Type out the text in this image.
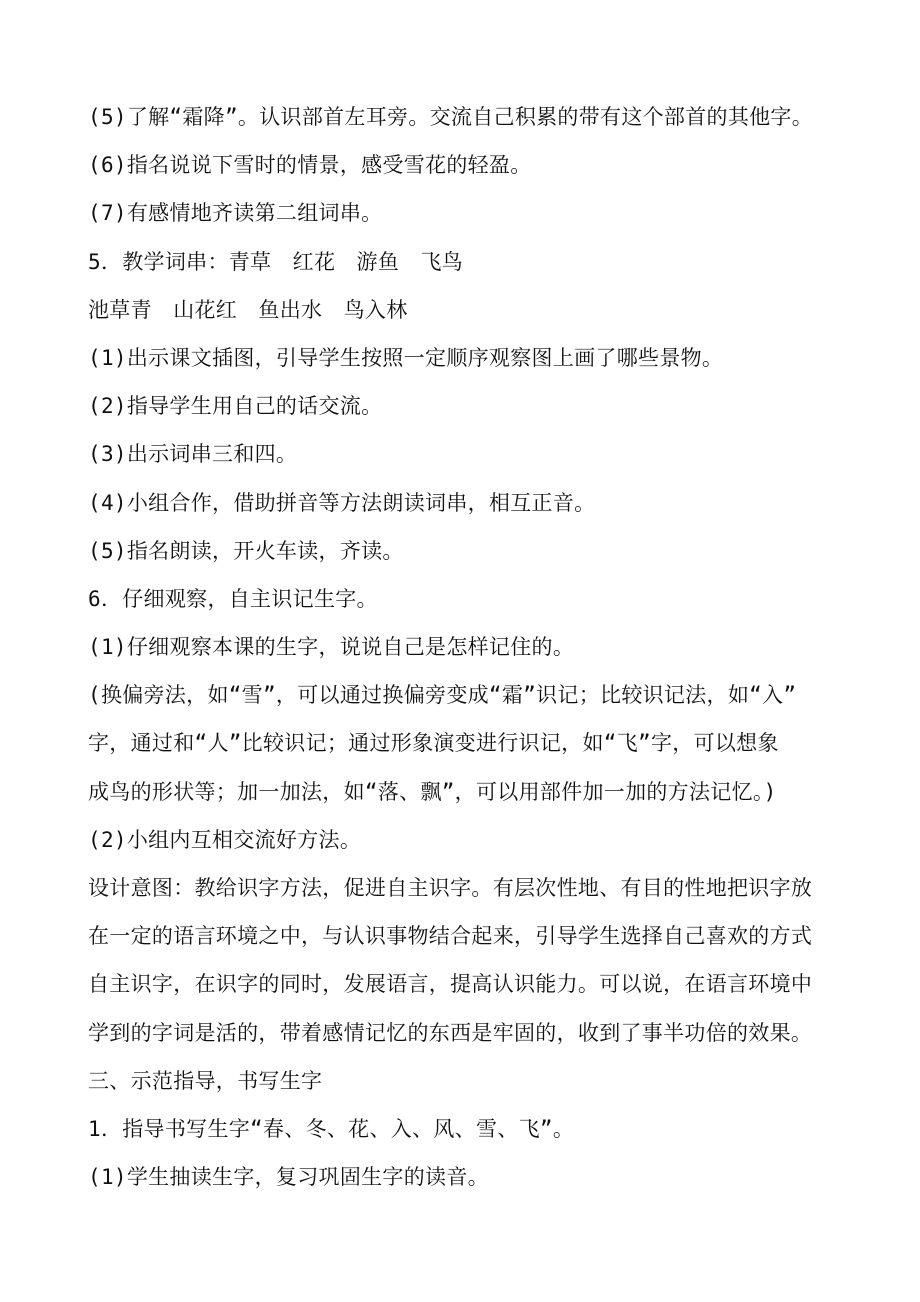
(5)了解“霜降”。认识部首左耳旁。交流自己积累的带有这个部首的其他字。
(6)指名说说下雪时的情景，感受雪花的轻盈。
(7)有感情地齐读第二组词串。
5．教学词串：青草　红花　游鱼　飞鸟
池草青　山花红　鱼出水　鸟入林
(1)出示课文插图，引导学生按照一定顺序观察图上画了哪些景物。
(2)指导学生用自己的话交流。
(3)出示词串三和四。
(4)小组合作，借助拼音等方法朗读词串，相互正音。
(5)指名朗读，开火车读，齐读。
6．仔细观察，自主识记生字。
(1)仔细观察本课的生字，说说自己是怎样记住的。
(换偏旁法，如“雪”，可以通过换偏旁变成“霜”识记；比较识记法，如“入”
字，通过和“人”比较识记；通过形象演变进行识记，如“飞”字，可以想象
成鸟的形状等；加一加法，如“落、飘”，可以用部件加一加的方法记忆。)
(2)小组内互相交流好方法。
设计意图：教给识字方法，促进自主识字。有层次性地、有目的性地把识字放
在一定的语言环境之中，与认识事物结合起来，引导学生选择自己喜欢的方式
自主识字，在识字的同时，发展语言，提高认识能力。可以说，在语言环境中
学到的字词是活的，带着感情记忆的东西是牢固的，收到了事半功倍的效果。
三、示范指导，书写生字
1．指导书写生字“春、冬、花、入、风、雪、飞”。
(1)学生抽读生字，复习巩固生字的读音。
